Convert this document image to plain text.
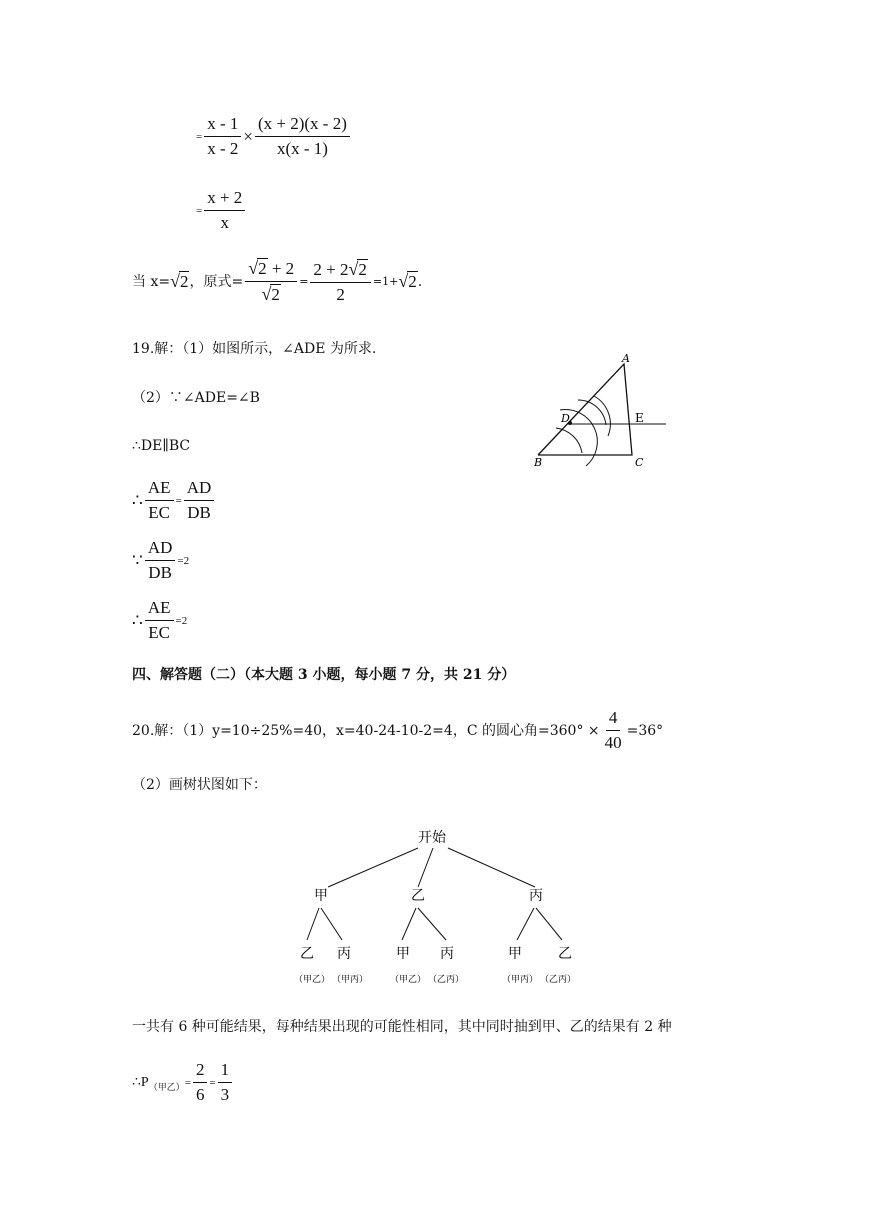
= $\frac{x - 1}{x - 2} \times \frac{(x + 2)(x - 2)}{x(x - 1)}$
= $\frac{x + 2}{x}$
当 x= √2 ，原式= $\frac{√2 + 2}{√2} = \frac{2 + 2√2}{2} =1+ √2$ .
19.解：（1）如图所示，∠ADE 为所求.
（2）∵∠ADE=∠B
∴DE∥BC
∴ $\frac{AE}{EC} = \frac{AD}{DB}$
∵ $\frac{AD}{DB} =2$
∴ $\frac{AE}{EC} =2$
A
B	C
D	E
四、解答题（二）（本大题 3 小题，每小题 7 分，共 21 分）
20.解：（1）y=10÷25%=40，x=40-24-10-2=4，C 的圆心角$=360^\circ \times \frac{4}{40} =36^\circ$
（2）画树状图如下：
开始
甲	乙	丙
乙 丙	甲 丙	甲	乙
（甲乙） （甲丙） （甲乙） （乙丙）	（甲丙） （乙丙）
一共有 6 种可能结果，每种结果出现的可能性相同，其中同时抽到甲、乙的结果有 2 种
∴P （甲乙） = $\frac{2}{6} = \frac{1}{3}$
